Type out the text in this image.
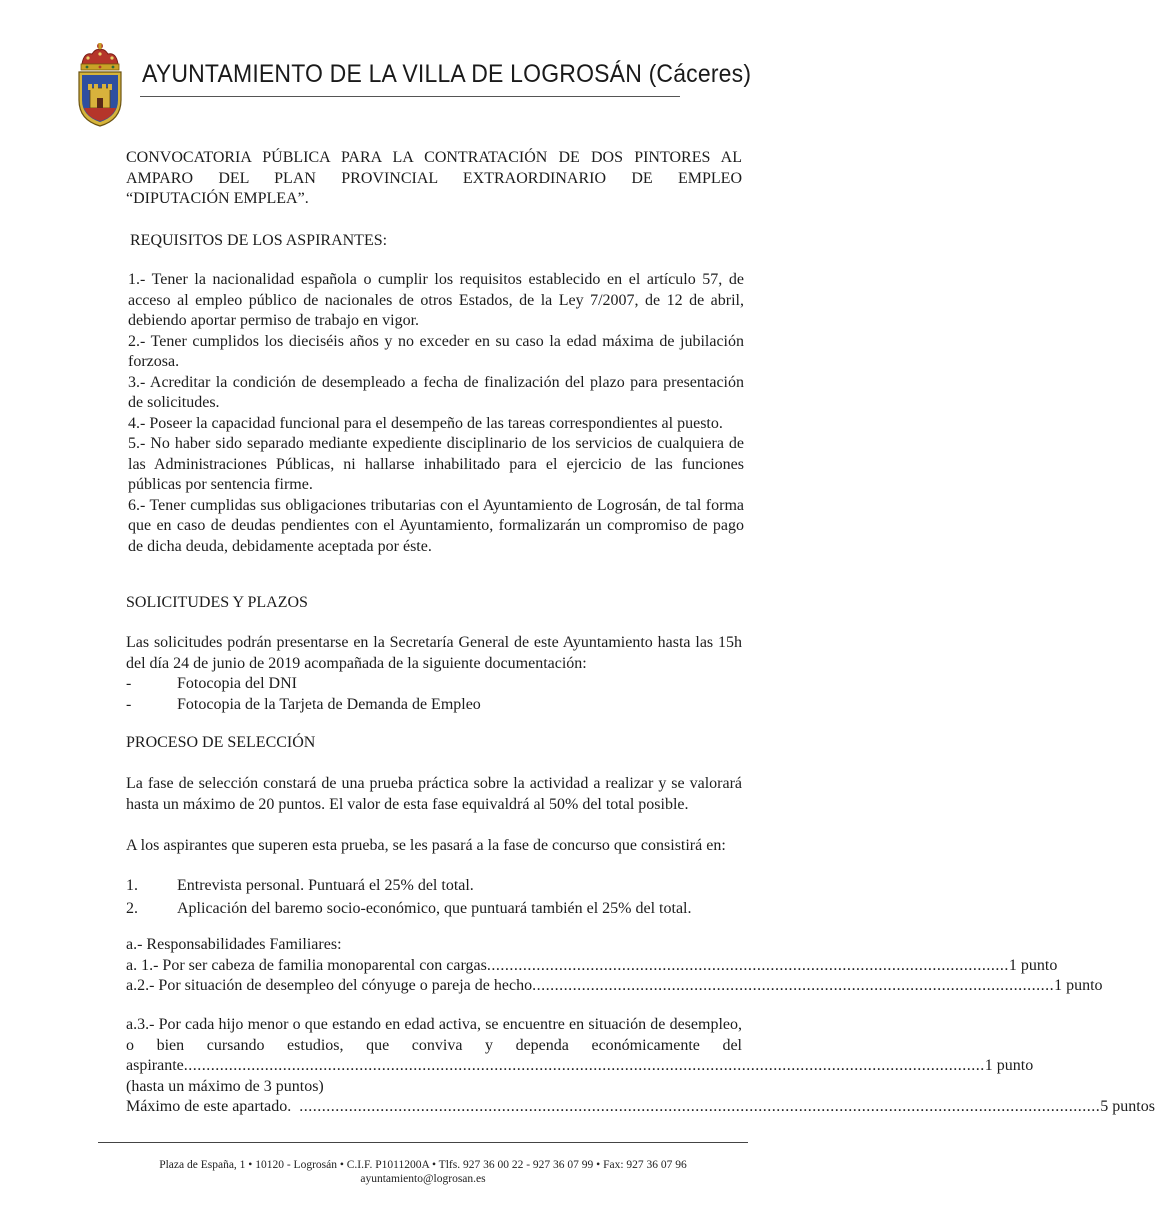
AYUNTAMIENTO DE LA VILLA DE LOGROSÁN (Cáceres)
CONVOCATORIA PÚBLICA PARA LA CONTRATACIÓN DE DOS PINTORES AL
AMPARO DEL PLAN PROVINCIAL EXTRAORDINARIO DE EMPLEO
“DIPUTACIÓN EMPLEA”.
REQUISITOS DE LOS ASPIRANTES:
1.- Tener la nacionalidad española o cumplir los requisitos establecido en el artículo 57, de acceso al empleo público de nacionales de otros Estados, de la Ley 7/2007, de 12 de abril, debiendo aportar permiso de trabajo en vigor.
2.- Tener cumplidos los dieciséis años y no exceder en su caso la edad máxima de jubilación forzosa.
3.- Acreditar la condición de desempleado a fecha de finalización del plazo para presentación de solicitudes.
4.- Poseer la capacidad funcional para el desempeño de las tareas correspondientes al puesto.
5.- No haber sido separado mediante expediente disciplinario de los servicios de cualquiera de las Administraciones Públicas, ni hallarse inhabilitado para el ejercicio de las funciones públicas por sentencia firme.
6.- Tener cumplidas sus obligaciones tributarias con el Ayuntamiento de Logrosán, de tal forma que en caso de deudas pendientes con el Ayuntamiento, formalizarán un compromiso de pago de dicha deuda, debidamente aceptada por éste.
SOLICITUDES Y PLAZOS
Las solicitudes podrán presentarse en la Secretaría General de este Ayuntamiento hasta las 15h del día 24 de junio de 2019 acompañada de la siguiente documentación:
-	Fotocopia del DNI
-	Fotocopia de la Tarjeta de Demanda de Empleo
PROCESO DE SELECCIÓN
La fase de selección constará de una prueba práctica sobre la actividad a realizar y se valorará hasta un máximo de 20 puntos. El valor de esta fase equivaldrá al 50% del total posible.
A los aspirantes que superen esta prueba, se les pasará a la fase de concurso que consistirá en:
1. Entrevista personal. Puntuará el 25% del total.
2. Aplicación del baremo socio-económico, que puntuará también el 25% del total.
a.- Responsabilidades Familiares:
a. 1.- Por ser cabeza de familia monoparental con cargas .................................................................................................................... 1 punto
a.2.- Por situación de desempleo del cónyuge o pareja de hecho .................................................................................................................... 1 punto
a.3.- Por cada hijo menor o que estando en edad activa, se encuentre en situación de desempleo, o bien cursando estudios, que conviva y dependa económicamente del
aspirante .................................................................................................................................................................................. 1 punto
(hasta un máximo de 3 puntos)
Máximo de este apartado. .................................................................................................................................................................................. 5 puntos
Plaza de España, 1 • 10120 - Logrosán • C.I.F. P1011200A • Tlfs. 927 36 00 22 - 927 36 07 99 • Fax: 927 36 07 96
ayuntamiento@logrosan.es
